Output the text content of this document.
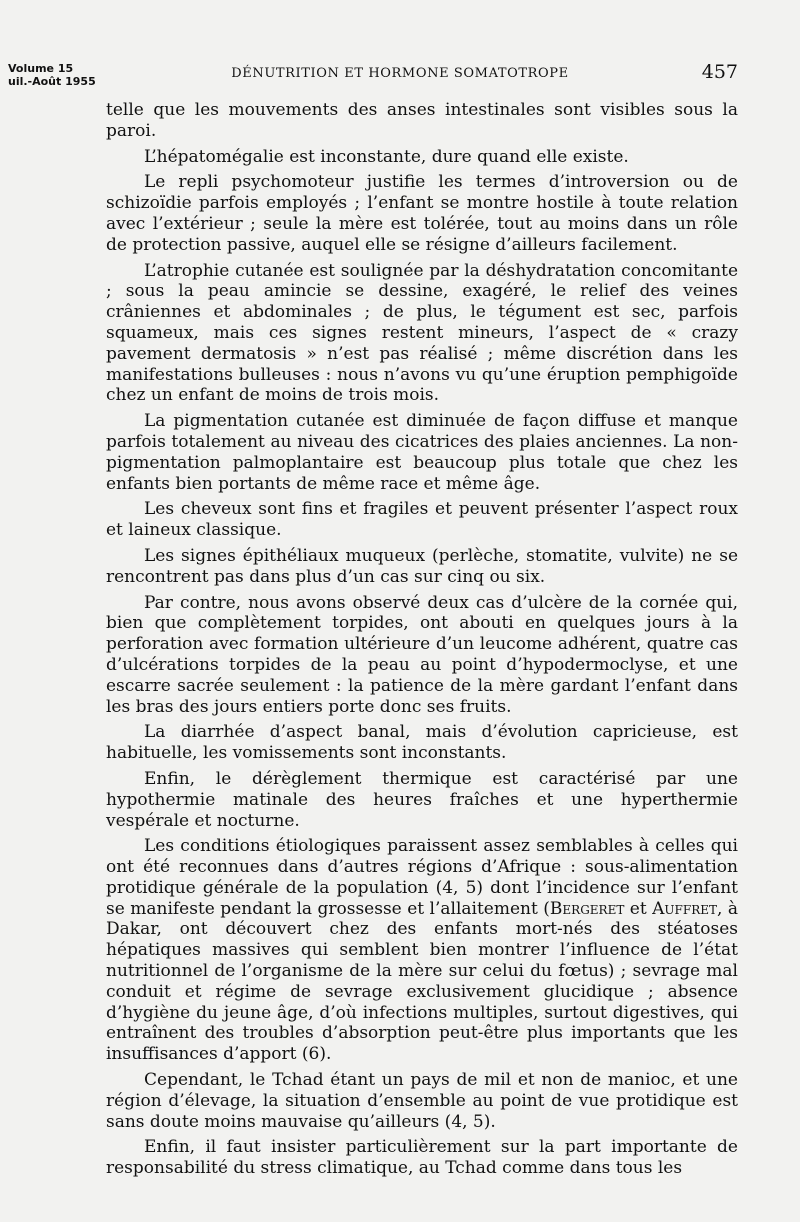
Volume 15
uil.-Août 1955
DÉNUTRITION ET HORMONE SOMATOTROPE	457

telle que les mouvements des anses intestinales sont visibles sous la paroi.

L’hépatomégalie est inconstante, dure quand elle existe.

Le repli psychomoteur justifie les termes d’introversion ou de schizoïdie parfois employés ; l’enfant se montre hostile à toute relation avec l’extérieur ; seule la mère est tolérée, tout au moins dans un rôle de protection passive, auquel elle se résigne d’ailleurs facilement.

L’atrophie cutanée est soulignée par la déshydratation concomitante ; sous la peau amincie se dessine, exagéré, le relief des veines crâniennes et abdominales ; de plus, le tégument est sec, parfois squameux, mais ces signes restent mineurs, l’aspect de « crazy pavement dermatosis » n’est pas réalisé ; même discrétion dans les manifestations bulleuses : nous n’avons vu qu’une éruption pemphigoïde chez un enfant de moins de trois mois.

La pigmentation cutanée est diminuée de façon diffuse et manque parfois totalement au niveau des cicatrices des plaies anciennes. La non-pigmentation palmoplantaire est beaucoup plus totale que chez les enfants bien portants de même race et même âge.

Les cheveux sont fins et fragiles et peuvent présenter l’aspect roux et laineux classique.

Les signes épithéliaux muqueux (perlèche, stomatite, vulvite) ne se rencontrent pas dans plus d’un cas sur cinq ou six.

Par contre, nous avons observé deux cas d’ulcère de la cornée qui, bien que complètement torpides, ont abouti en quelques jours à la perforation avec formation ultérieure d’un leucome adhérent, quatre cas d’ulcérations torpides de la peau au point d’hypodermoclyse, et une escarre sacrée seulement : la patience de la mère gardant l’enfant dans les bras des jours entiers porte donc ses fruits.

La diarrhée d’aspect banal, mais d’évolution capricieuse, est habituelle, les vomissements sont inconstants.

Enfin, le dérèglement thermique est caractérisé par une hypothermie matinale des heures fraîches et une hyperthermie vespérale et nocturne.

Les conditions étiologiques paraissent assez semblables à celles qui ont été reconnues dans d’autres régions d’Afrique : sous-alimentation protidique générale de la population (4, 5) dont l’incidence sur l’enfant se manifeste pendant la grossesse et l’allaitement (Bergeret et Auffret, à Dakar, ont découvert chez des enfants mort-nés des stéatoses hépatiques massives qui semblent bien montrer l’influence de l’état nutritionnel de l’organisme de la mère sur celui du fœtus) ; sevrage mal conduit et régime de sevrage exclusivement glucidique ; absence d’hygiène du jeune âge, d’où infections multiples, surtout digestives, qui entraînent des troubles d’absorption peut-être plus importants que les insuffisances d’apport (6).

Cependant, le Tchad étant un pays de mil et non de manioc, et une région d’élevage, la situation d’ensemble au point de vue protidique est sans doute moins mauvaise qu’ailleurs (4, 5).

Enfin, il faut insister particulièrement sur la part importante de responsabilité du stress climatique, au Tchad comme dans tous les
